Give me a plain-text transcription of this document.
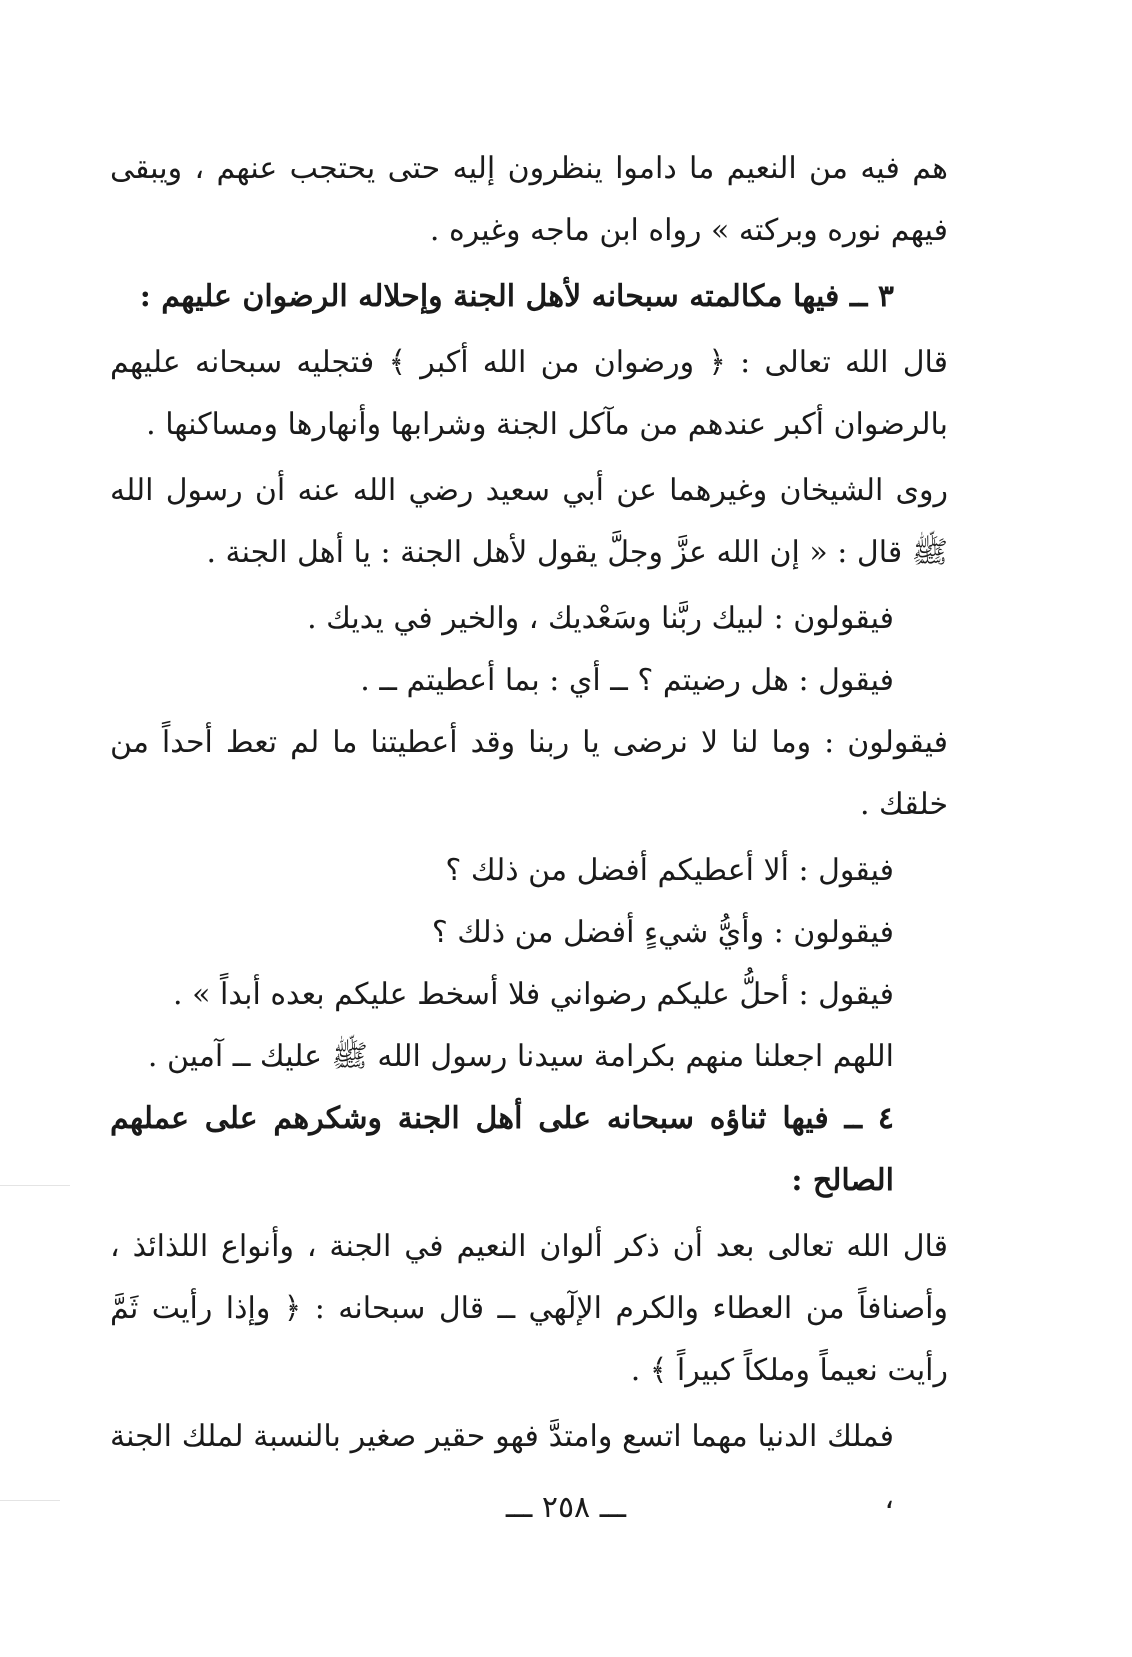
هم فيه من النعيم ما داموا ينظرون إليه حتى يحتجب عنهم ، ويبقى فيهم نوره وبركته » رواه ابن ماجه وغيره .

٣ ــ فيها مكالمته سبحانه لأهل الجنة وإحلاله الرضوان عليهم :

قال الله تعالى : ﴿ ورضوان من الله أكبر ﴾ فتجليه سبحانه عليهم بالرضوان أكبر عندهم من مآكل الجنة وشرابها وأنهارها ومساكنها .

روى الشيخان وغيرهما عن أبي سعيد رضي الله عنه أن رسول الله ﷺ قال : « إن الله عزَّ وجلَّ يقول لأهل الجنة : يا أهل الجنة .

فيقولون : لبيك ربَّنا وسَعْديك ، والخير في يديك .

فيقول : هل رضيتم ؟ ــ أي : بما أعطيتم ــ .

فيقولون : وما لنا لا نرضى يا ربنا وقد أعطيتنا ما لم تعط أحداً من خلقك .

فيقول : ألا أعطيكم أفضل من ذلك ؟

فيقولون : وأيُّ شيءٍ أفضل من ذلك ؟

فيقول : أحلُّ عليكم رضواني فلا أسخط عليكم بعده أبداً » .

اللهم اجعلنا منهم بكرامة سيدنا رسول الله ﷺ عليك ــ آمين .

٤ ــ فيها ثناؤه سبحانه على أهل الجنة وشكرهم على عملهم الصالح :

قال الله تعالى بعد أن ذكر ألوان النعيم في الجنة ، وأنواع اللذائذ ، وأصنافاً من العطاء والكرم الإلٓهي ــ قال سبحانه : ﴿ وإذا رأيت ثَمَّ رأيت نعيماً وملكاً كبيراً ﴾ .

فملك الدنيا مهما اتسع وامتدَّ فهو حقير صغير بالنسبة لملك الجنة ،

ـــ ٢٥٨ ـــ
